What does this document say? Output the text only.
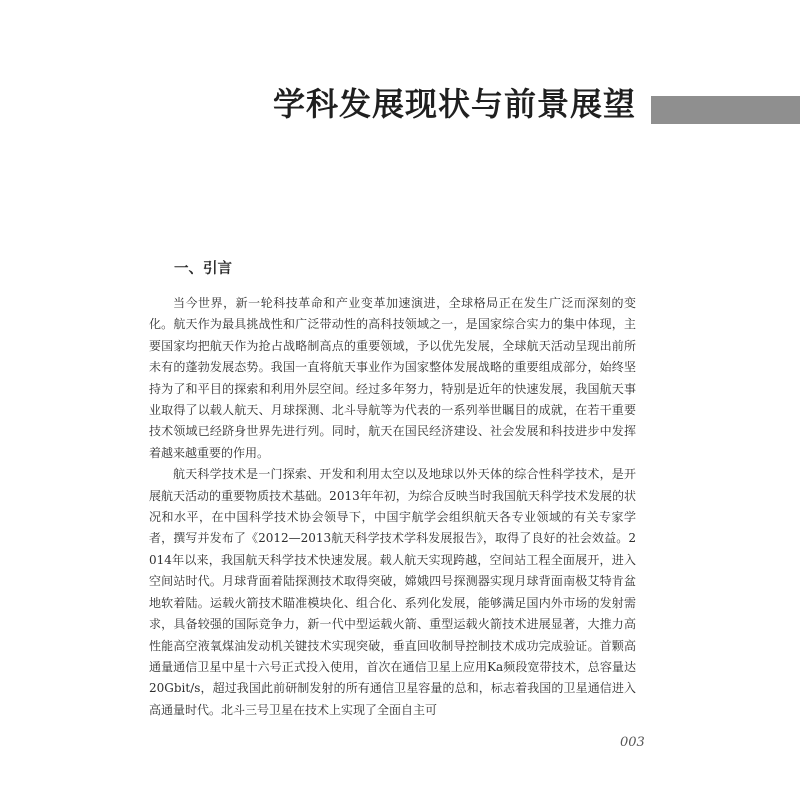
学科发展现状与前景展望
一、引言

当今世界，新一轮科技革命和产业变革加速演进，全球格局正在发生广泛而深刻的变化。航天作为最具挑战性和广泛带动性的高科技领域之一，是国家综合实力的集中体现，主要国家均把航天作为抢占战略制高点的重要领域，予以优先发展，全球航天活动呈现出前所未有的蓬勃发展态势。我国一直将航天事业作为国家整体发展战略的重要组成部分，始终坚持为了和平目的探索和利用外层空间。经过多年努力，特别是近年的快速发展，我国航天事业取得了以载人航天、月球探测、北斗导航等为代表的一系列举世瞩目的成就，在若干重要技术领域已经跻身世界先进行列。同时，航天在国民经济建设、社会发展和科技进步中发挥着越来越重要的作用。

航天科学技术是一门探索、开发和利用太空以及地球以外天体的综合性科学技术，是开展航天活动的重要物质技术基础。2013年年初，为综合反映当时我国航天科学技术发展的状况和水平，在中国科学技术协会领导下，中国宇航学会组织航天各专业领域的有关专家学者，撰写并发布了《2012—2013航天科学技术学科发展报告》，取得了良好的社会效益。2014年以来，我国航天科学技术快速发展。载人航天实现跨越，空间站工程全面展开，进入空间站时代。月球背面着陆探测技术取得突破，嫦娥四号探测器实现月球背面南极艾特肯盆地软着陆。运载火箭技术瞄准模块化、组合化、系列化发展，能够满足国内外市场的发射需求，具备较强的国际竞争力，新一代中型运载火箭、重型运载火箭技术进展显著，大推力高性能高空液氧煤油发动机关键技术实现突破，垂直回收制导控制技术成功完成验证。首颗高通量通信卫星中星十六号正式投入使用，首次在通信卫星上应用Ka频段宽带技术，总容量达20Gbit/s，超过我国此前研制发射的所有通信卫星容量的总和，标志着我国的卫星通信进入高通量时代。北斗三号卫星在技术上实现了全面自主可

003
